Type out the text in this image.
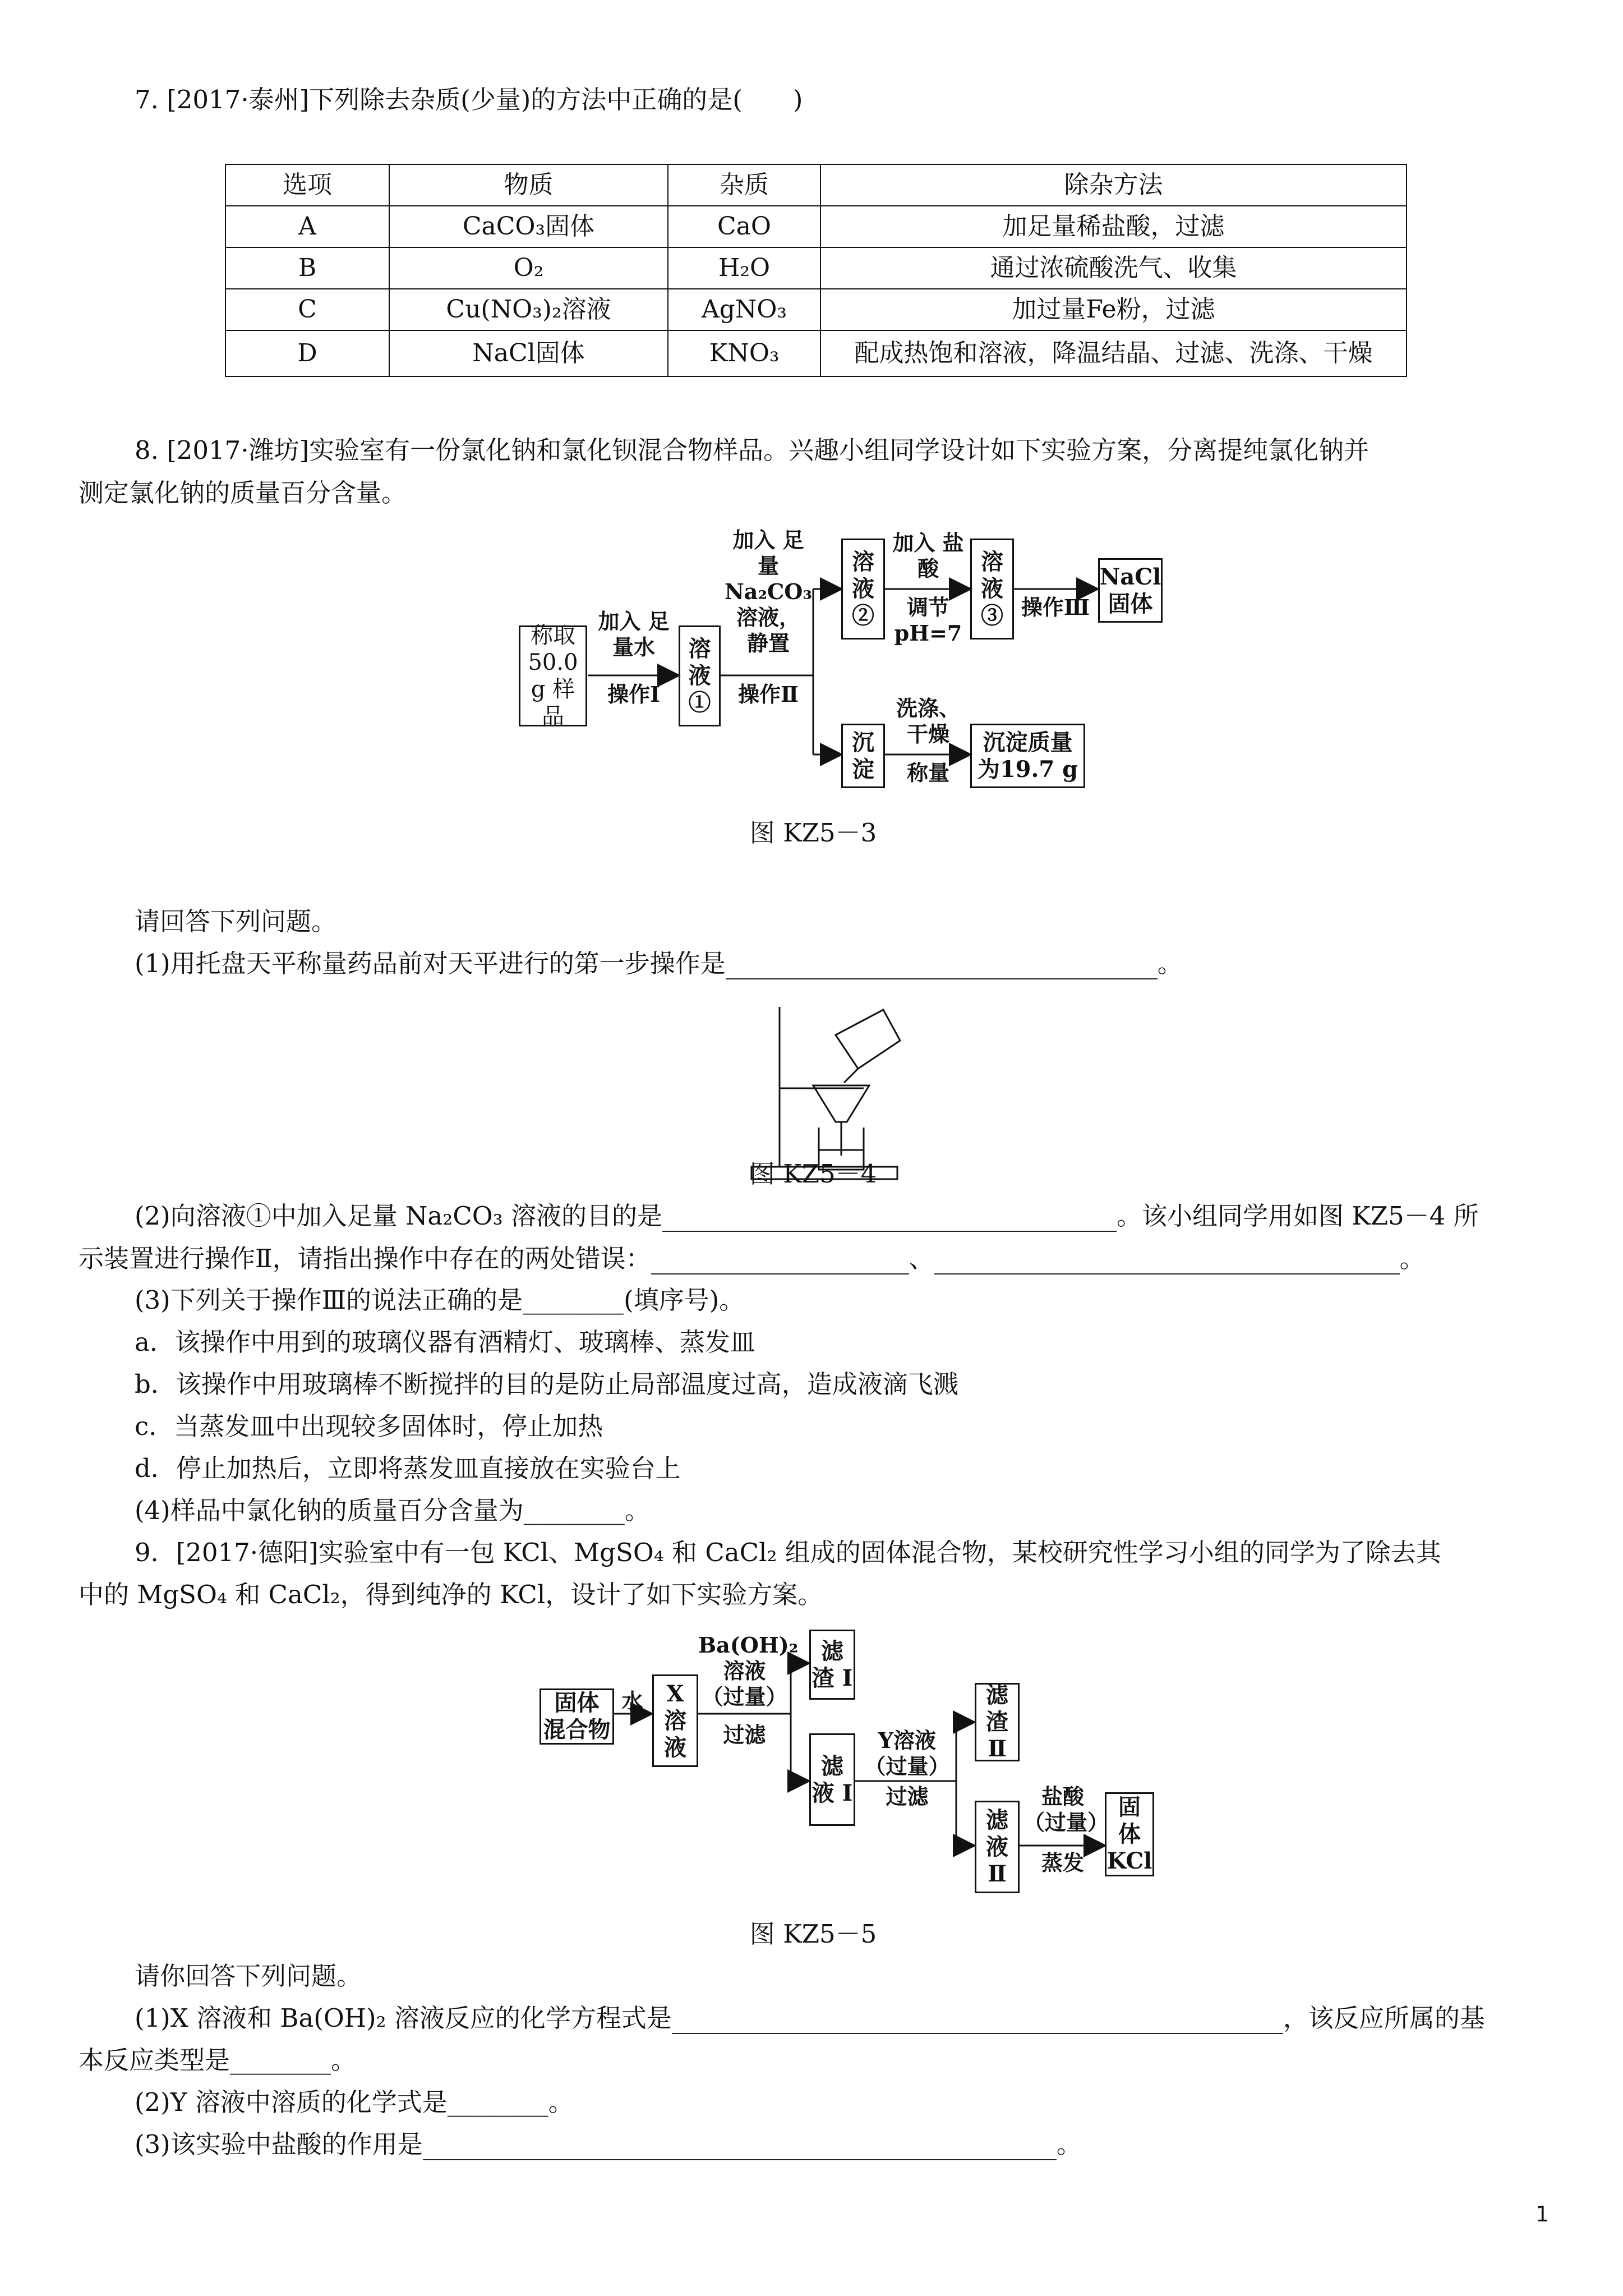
7. [2017·泰州]下列除去杂质(少量)的方法中正确的是(　　)
选项	物质	杂质	除杂方法
A	CaCO₃固体	CaO	加足量稀盐酸，过滤
B	O₂	H₂O	通过浓硫酸洗气、收集
C	Cu(NO₃)₂溶液	AgNO₃	加过量Fe粉，过滤
D	NaCl固体	KNO₃	配成热饱和溶液，降温结晶、过滤、洗涤、干燥
8. [2017·潍坊]实验室有一份氯化钠和氯化钡混合物样品。兴趣小组同学设计如下实验方案，分离提纯氯化钠并
测定氯化钠的质量百分含量。
称取 50.0 g 样品
加入 足量水
操作Ⅰ
溶 液 ①
加入 足量 Na₂CO₃ 溶液， 静置
操作Ⅱ
溶 液 ②
加入 盐酸
调节 pH=7
溶 液 ③ 操作Ⅲ
NaCl 固体
沉 淀
洗涤、 干燥
称量
沉淀质量 为19.7 g
图 KZ5－3
请回答下列问题。
(1)用托盘天平称量药品前对天平进行的第一步操作是	。
图 KZ5－4
(2)向溶液①中加入足量 Na₂CO₃ 溶液的目的是	。该小组同学用如图 KZ5－4 所
示装置进行操作Ⅱ，请指出操作中存在的两处错误：	、	。
(3)下列关于操作Ⅲ的说法正确的是________(填序号)。
a．该操作中用到的玻璃仪器有酒精灯、玻璃棒、蒸发皿
b．该操作中用玻璃棒不断搅拌的目的是防止局部温度过高，造成液滴飞溅
c．当蒸发皿中出现较多固体时，停止加热
d．停止加热后，立即将蒸发皿直接放在实验台上
(4)样品中氯化钠的质量百分含量为________。
9．[2017·德阳]实验室中有一包 KCl、MgSO₄ 和 CaCl₂ 组成的固体混合物，某校研究性学习小组的同学为了除去其
中的 MgSO₄ 和 CaCl₂，得到纯净的 KCl，设计了如下实验方案。
固体 混合物
水	X 溶 液
Ba(OH)₂ 溶液 （过量）
过滤
滤 渣 Ⅰ
滤 液 Ⅰ
Y溶液 （过量）
过滤
滤 渣 Ⅱ
滤 液 Ⅱ
盐酸 （过量）
蒸发
固 体 KCl
图 KZ5－5
请你回答下列问题。
(1)X 溶液和 Ba(OH)₂ 溶液反应的化学方程式是	，该反应所属的基
本反应类型是________。
(2)Y 溶液中溶质的化学式是________。
(3)该实验中盐酸的作用是	。
1
